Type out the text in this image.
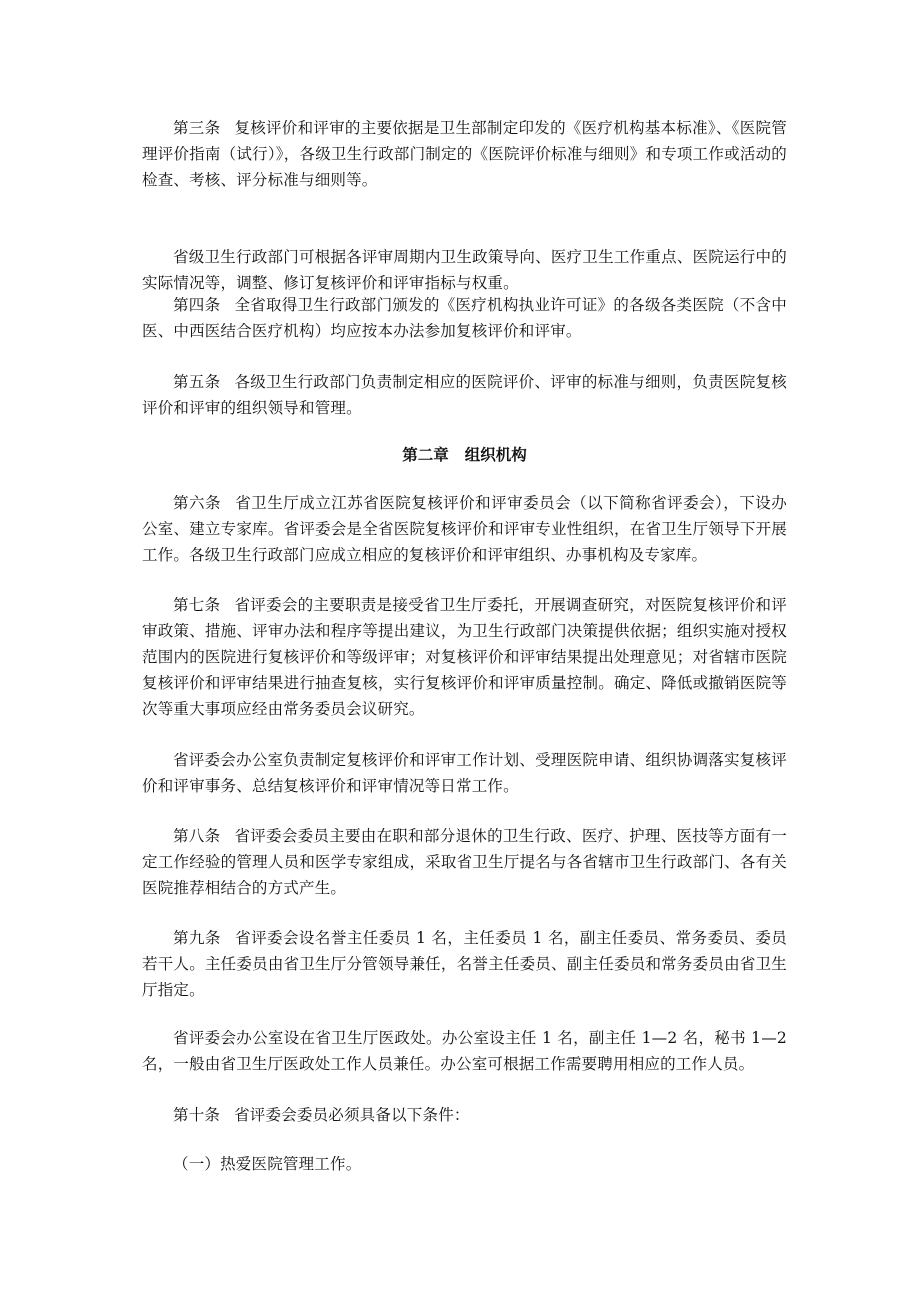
第三条 复核评价和评审的主要依据是卫生部制定印发的《医疗机构基本标准》、《医院管理评价指南（试行）》，各级卫生行政部门制定的《医院评价标准与细则》和专项工作或活动的检查、考核、评分标准与细则等。

省级卫生行政部门可根据各评审周期内卫生政策导向、医疗卫生工作重点、医院运行中的实际情况等，调整、修订复核评价和评审指标与权重。

第四条 全省取得卫生行政部门颁发的《医疗机构执业许可证》的各级各类医院（不含中医、中西医结合医疗机构）均应按本办法参加复核评价和评审。

第五条 各级卫生行政部门负责制定相应的医院评价、评审的标准与细则，负责医院复核评价和评审的组织领导和管理。

第二章 组织机构

第六条 省卫生厅成立江苏省医院复核评价和评审委员会（以下简称省评委会），下设办公室、建立专家库。省评委会是全省医院复核评价和评审专业性组织，在省卫生厅领导下开展工作。各级卫生行政部门应成立相应的复核评价和评审组织、办事机构及专家库。

第七条 省评委会的主要职责是接受省卫生厅委托，开展调查研究，对医院复核评价和评审政策、措施、评审办法和程序等提出建议，为卫生行政部门决策提供依据；组织实施对授权范围内的医院进行复核评价和等级评审；对复核评价和评审结果提出处理意见；对省辖市医院复核评价和评审结果进行抽查复核，实行复核评价和评审质量控制。确定、降低或撤销医院等次等重大事项应经由常务委员会议研究。

省评委会办公室负责制定复核评价和评审工作计划、受理医院申请、组织协调落实复核评价和评审事务、总结复核评价和评审情况等日常工作。

第八条 省评委会委员主要由在职和部分退休的卫生行政、医疗、护理、医技等方面有一定工作经验的管理人员和医学专家组成，采取省卫生厅提名与各省辖市卫生行政部门、各有关医院推荐相结合的方式产生。

第九条 省评委会设名誉主任委员 1 名，主任委员 1 名，副主任委员、常务委员、委员若干人。主任委员由省卫生厅分管领导兼任，名誉主任委员、副主任委员和常务委员由省卫生厅指定。

省评委会办公室设在省卫生厅医政处。办公室设主任 1 名，副主任 1—2 名，秘书 1—2 名，一般由省卫生厅医政处工作人员兼任。办公室可根据工作需要聘用相应的工作人员。

第十条 省评委会委员必须具备以下条件：

（一）热爱医院管理工作。
